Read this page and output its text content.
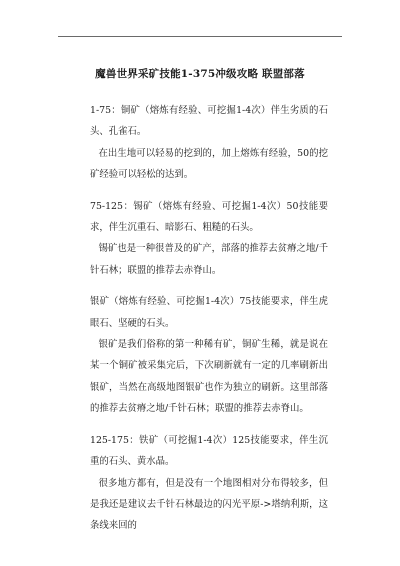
魔兽世界采矿技能1-375冲级攻略 联盟部落

1-75：铜矿（熔炼有经验、可挖掘1-4次）伴生劣质的石头、孔雀石。

在出生地可以轻易的挖到的，加上熔炼有经验，50的挖矿经验可以轻松的达到。

75-125：锡矿（熔炼有经验、可挖掘1-4次）50技能要求，伴生沉重石、暗影石、粗糙的石头。

锡矿也是一种很普及的矿产，部落的推荐去贫瘠之地/千针石林；联盟的推荐去赤脊山。

银矿（熔炼有经验、可挖掘1-4次）75技能要求，伴生虎眼石、坚硬的石头。

银矿是我们俗称的第一种稀有矿，铜矿生稀，就是说在某一个铜矿被采集完后，下次刷新就有一定的几率刷新出银矿，当然在高级地图银矿也作为独立的刷新。这里部落的推荐去贫瘠之地/千针石林；联盟的推荐去赤脊山。

125-175：铁矿（可挖掘1-4次）125技能要求，伴生沉重的石头、黄水晶。

很多地方都有，但是没有一个地图相对分布得较多，但是我还是建议去千针石林最边的闪光平原->塔纳利斯，这条线来回的
